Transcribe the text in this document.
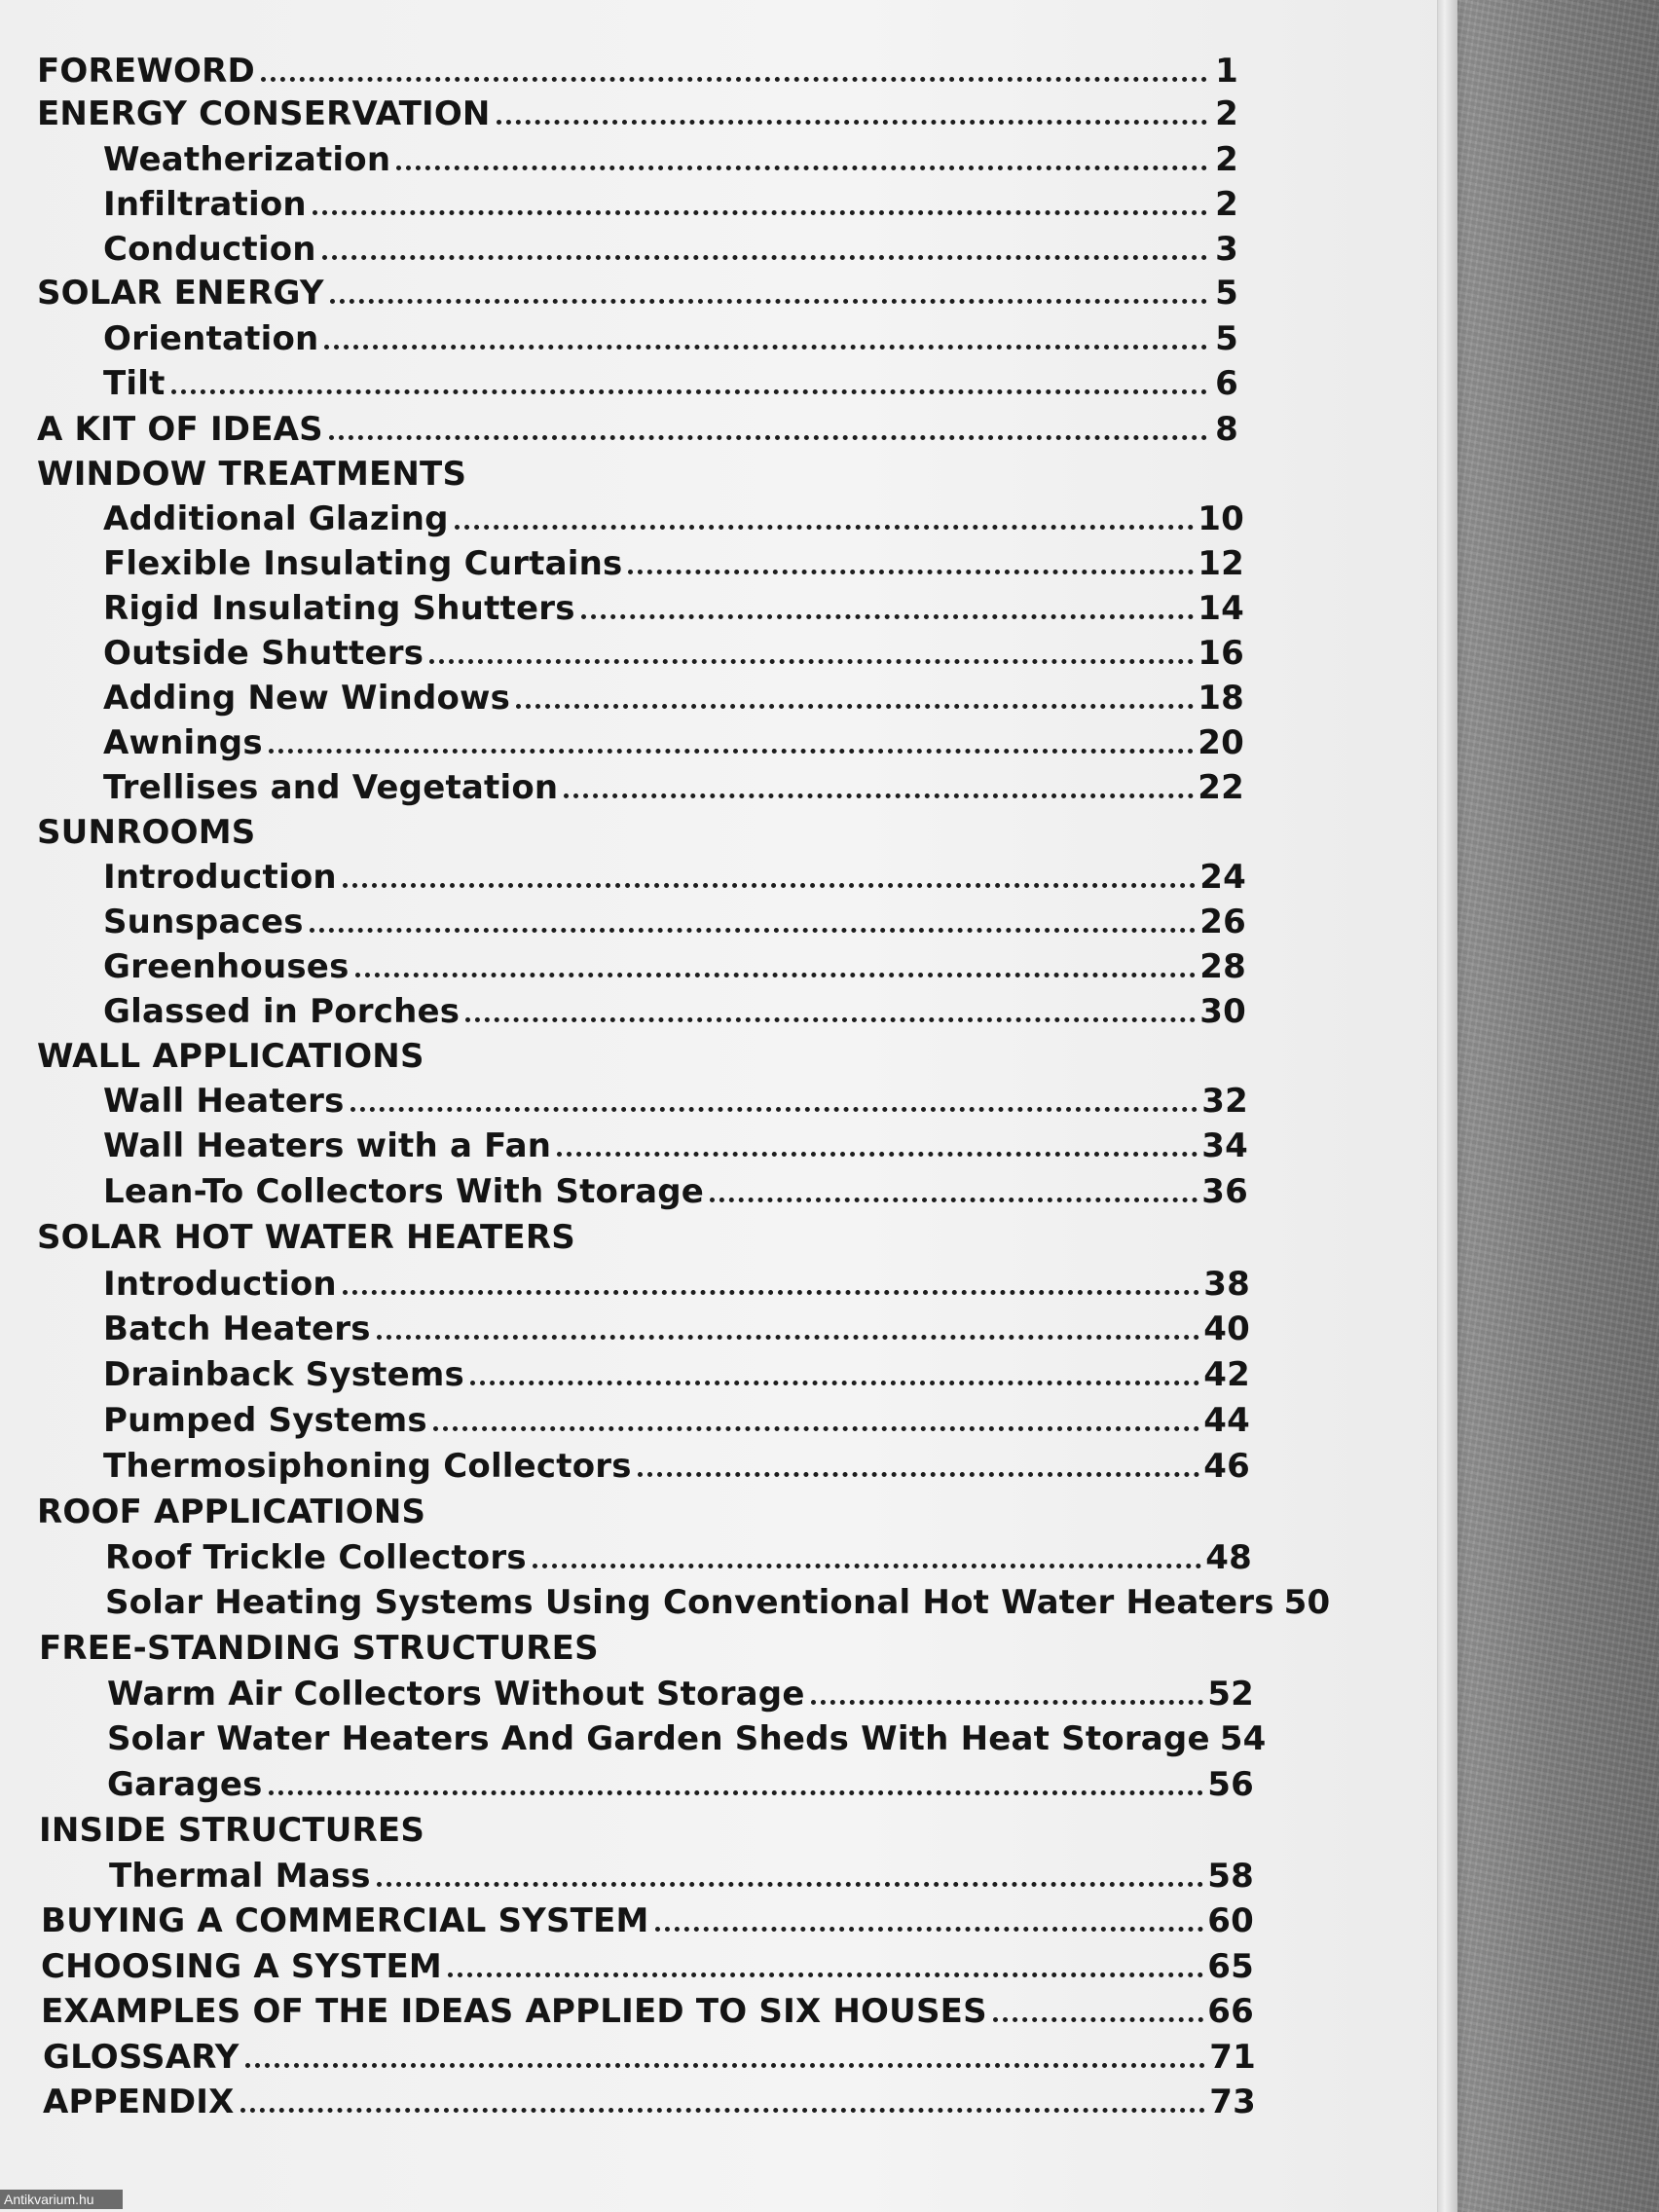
FOREWORD	1
ENERGY CONSERVATION	2
Weatherization	2
Infiltration	2
Conduction	3
SOLAR ENERGY	5
Orientation	5
Tilt	6
A KIT OF IDEAS	8
WINDOW TREATMENTS
Additional Glazing	10
Flexible Insulating Curtains	12
Rigid Insulating Shutters	14
Outside Shutters	16
Adding New Windows	18
Awnings	20
Trellises and Vegetation	22
SUNROOMS
Introduction	24
Sunspaces	26
Greenhouses	28
Glassed in Porches	30
WALL APPLICATIONS
Wall Heaters	32
Wall Heaters with a Fan	34
Lean-To Collectors With Storage	36
SOLAR HOT WATER HEATERS
Introduction	38
Batch Heaters	40
Drainback Systems	42
Pumped Systems	44
Thermosiphoning Collectors	46
ROOF APPLICATIONS
Roof Trickle Collectors	48
Solar Heating Systems Using Conventional Hot Water Heaters 50
FREE-STANDING STRUCTURES
Warm Air Collectors Without Storage	52
Solar Water Heaters And Garden Sheds With Heat Storage 54
Garages	56
INSIDE STRUCTURES
Thermal Mass	58
BUYING A COMMERCIAL SYSTEM	60
CHOOSING A SYSTEM	65
EXAMPLES OF THE IDEAS APPLIED TO SIX HOUSES	66
GLOSSARY	71
APPENDIX	73
Antikvarium.hu
